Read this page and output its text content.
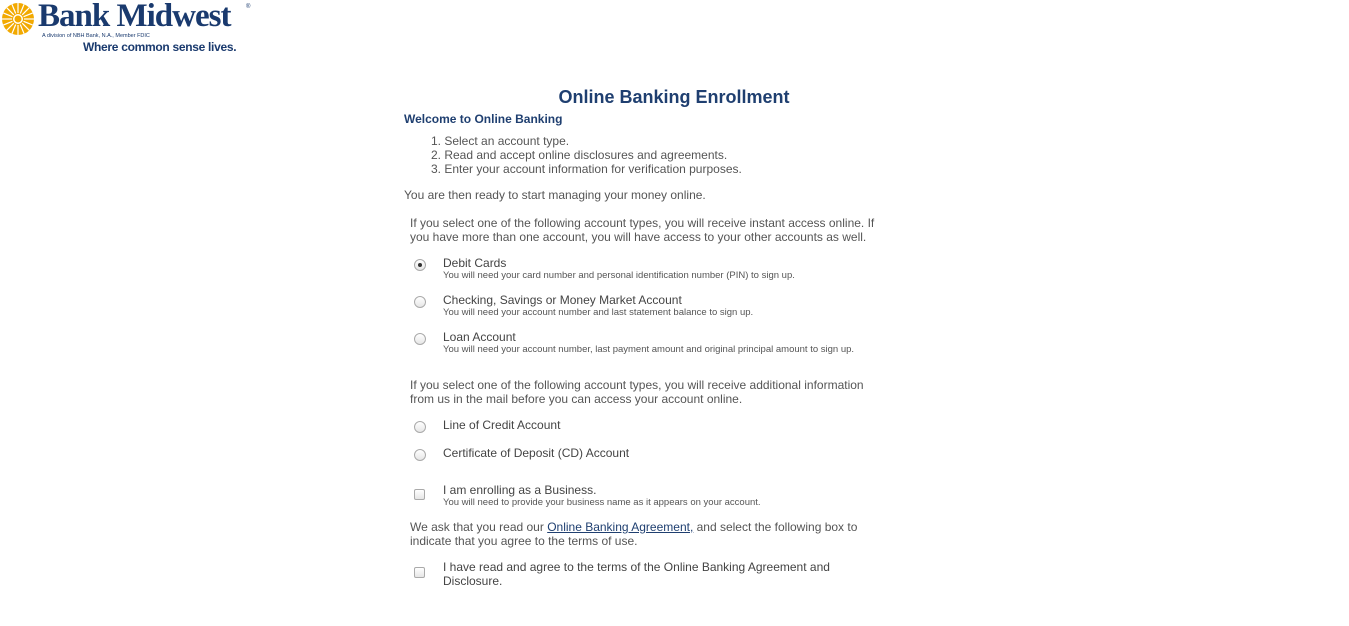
Bank Midwest	®
A division of NBH Bank, N.A., Member FDIC
Where common sense lives.
Online Banking Enrollment
Welcome to Online Banking
1. Select an account type.
2. Read and accept online disclosures and agreements.
3. Enter your account information for verification purposes.
You are then ready to start managing your money online.
If you select one of the following account types, you will receive instant access online. If you have more than one account, you will have access to your other accounts as well.
Debit Cards
You will need your card number and personal identification number (PIN) to sign up.
Checking, Savings or Money Market Account
You will need your account number and last statement balance to sign up.
Loan Account
You will need your account number, last payment amount and original principal amount to sign up.
If you select one of the following account types, you will receive additional information from us in the mail before you can access your account online.
Line of Credit Account
Certificate of Deposit (CD) Account
I am enrolling as a Business.
You will need to provide your business name as it appears on your account.
We ask that you read our Online Banking Agreement, and select the following box to indicate that you agree to the terms of use.
I have read and agree to the terms of the Online Banking Agreement and Disclosure.
